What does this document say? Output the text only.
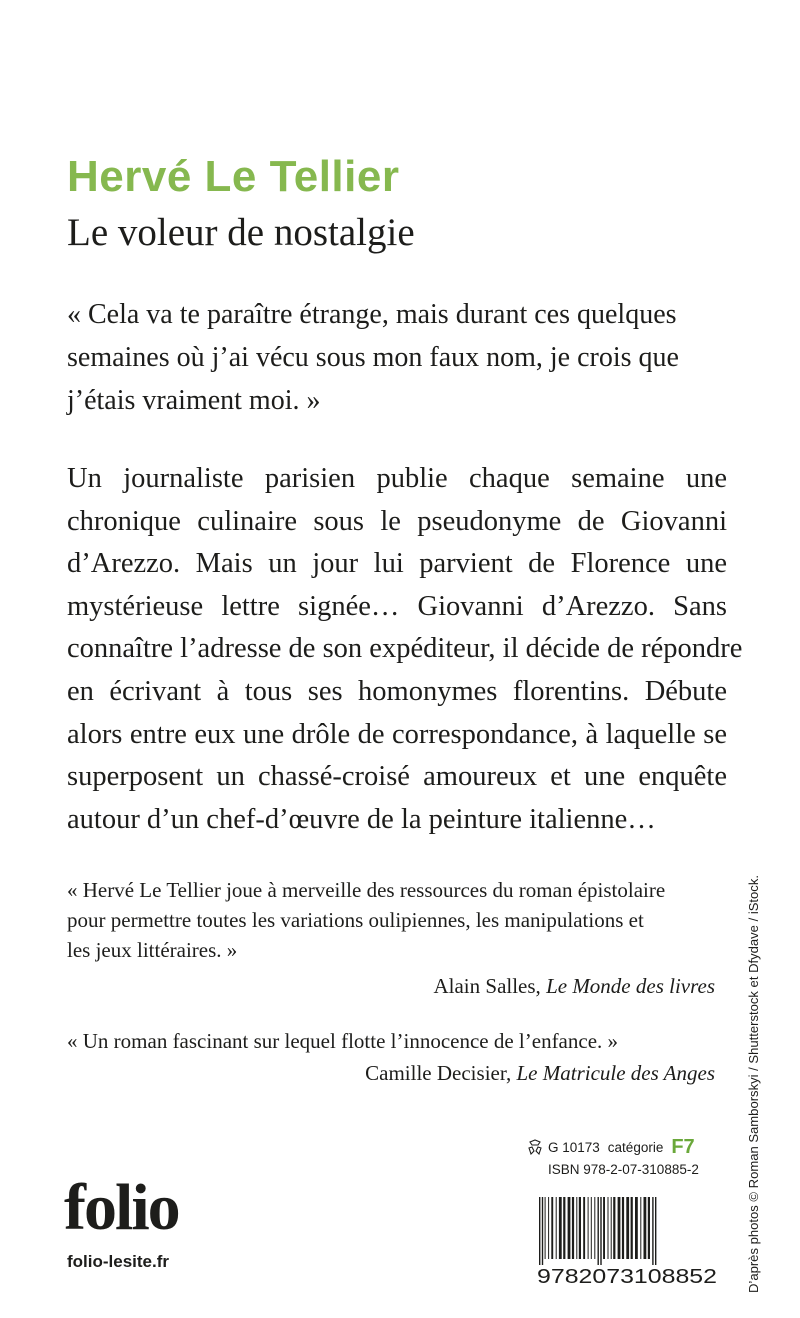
Hervé Le Tellier
Le voleur de nostalgie
« Cela va te paraître étrange, mais durant ces quelques
semaines où j’ai vécu sous mon faux nom, je crois que
j’étais vraiment moi. »
Un journaliste parisien publie chaque semaine une
chronique culinaire sous le pseudonyme de Giovanni
d’Arezzo. Mais un jour lui parvient de Florence une
mystérieuse lettre signée… Giovanni d’Arezzo. Sans
connaître l’adresse de son expéditeur, il décide de répondre
en écrivant à tous ses homonymes florentins. Débute
alors entre eux une drôle de correspondance, à laquelle se
superposent un chassé-croisé amoureux et une enquête
autour d’un chef-d’œuvre de la peinture italienne…
« Hervé Le Tellier joue à merveille des ressources du roman épistolaire
pour permettre toutes les variations oulipiennes, les manipulations et
les jeux littéraires. »
Alain Salles, Le Monde des livres
« Un roman fascinant sur lequel flotte l’innocence de l’enfance. »
Camille Decisier, Le Matricule des Anges	D’après photos © Roman Samborskyi / Shutterstock et Dfydave / iStock.
G 10173 catégorie F7
ISBN 978-2-07-310885-2
folio
folio-lesite.fr
9782073108852
